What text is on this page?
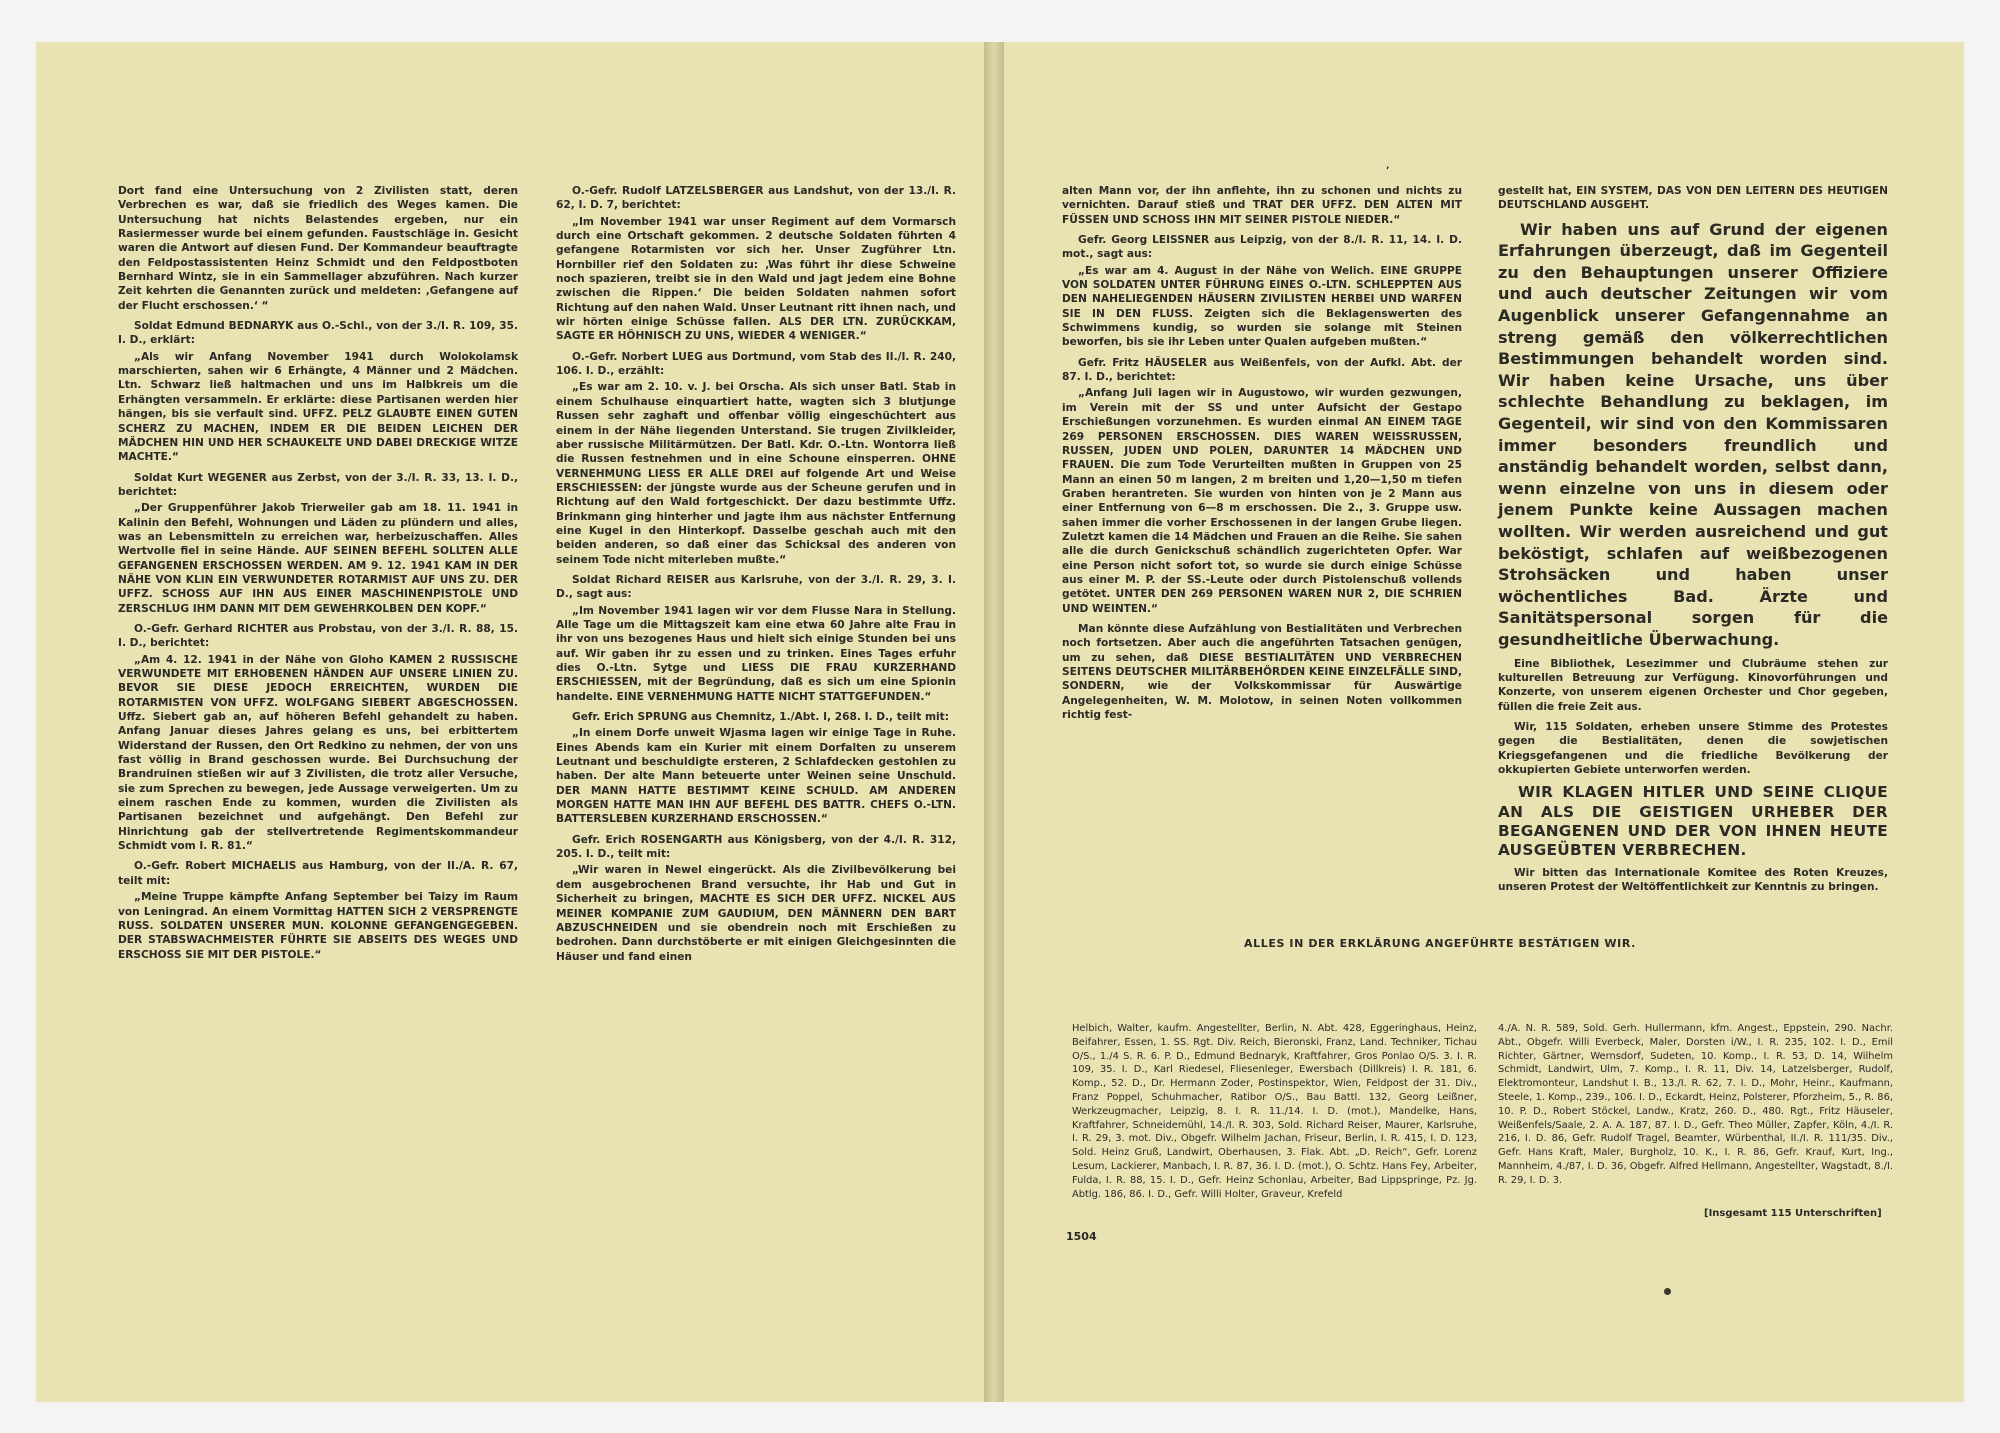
Dort fand eine Untersuchung von 2 Zivilisten statt, deren Verbrechen es war, daß sie friedlich des Weges kamen. Die Untersuchung hat nichts Belastendes ergeben, nur ein Rasiermesser wurde bei einem gefunden. Faustschläge in. Gesicht waren die Antwort auf diesen Fund. Der Kommandeur beauftragte den Feldpostassistenten Heinz Schmidt und den Feldpostboten Bernhard Wintz, sie in ein Sammellager abzuführen. Nach kurzer Zeit kehrten die Genannten zurück und meldeten: ‚Gefangene auf der Flucht erschossen.‘ “

Soldat Edmund BEDNARYK aus O.-Schl., von der 3./I. R. 109, 35. I. D., erklärt:

„Als wir Anfang November 1941 durch Wolokolamsk marschierten, sahen wir 6 Erhängte, 4 Männer und 2 Mädchen. Ltn. Schwarz ließ haltmachen und uns im Halbkreis um die Erhängten versammeln. Er erklärte: diese Partisanen werden hier hängen, bis sie verfault sind. UFFZ. PELZ GLAUBTE EINEN GUTEN SCHERZ ZU MACHEN, INDEM ER DIE BEIDEN LEICHEN DER MÄDCHEN HIN UND HER SCHAUKELTE UND DABEI DRECKIGE WITZE MACHTE.“

Soldat Kurt WEGENER aus Zerbst, von der 3./I. R. 33, 13. I. D., berichtet:

„Der Gruppenführer Jakob Trierweiler gab am 18. 11. 1941 in Kalinin den Befehl, Wohnungen und Läden zu plündern und alles, was an Lebensmitteln zu erreichen war, herbeizuschaffen. Alles Wertvolle fiel in seine Hände. AUF SEINEN BEFEHL SOLLTEN ALLE GEFANGENEN ERSCHOSSEN WERDEN. AM 9. 12. 1941 KAM IN DER NÄHE VON KLIN EIN VERWUNDETER ROTARMIST AUF UNS ZU. DER UFFZ. SCHOSS AUF IHN AUS EINER MASCHINENPISTOLE UND ZERSCHLUG IHM DANN MIT DEM GEWEHRKOLBEN DEN KOPF.“

O.-Gefr. Gerhard RICHTER aus Probstau, von der 3./I. R. 88, 15. I. D., berichtet:

„Am 4. 12. 1941 in der Nähe von Gloho KAMEN 2 RUSSISCHE VERWUNDETE MIT ERHOBENEN HÄNDEN AUF UNSERE LINIEN ZU. BEVOR SIE DIESE JEDOCH ERREICHTEN, WURDEN DIE ROTARMISTEN VON UFFZ. WOLFGANG SIEBERT ABGESCHOSSEN. Uffz. Siebert gab an, auf höheren Befehl gehandelt zu haben. Anfang Januar dieses Jahres gelang es uns, bei erbittertem Widerstand der Russen, den Ort Redkino zu nehmen, der von uns fast völlig in Brand geschossen wurde. Bei Durchsuchung der Brandruinen stießen wir auf 3 Zivilisten, die trotz aller Versuche, sie zum Sprechen zu bewegen, jede Aussage verweigerten. Um zu einem raschen Ende zu kommen, wurden die Zivilisten als Partisanen bezeichnet und aufgehängt. Den Befehl zur Hinrichtung gab der stellvertretende Regimentskommandeur Schmidt vom I. R. 81.“

O.-Gefr. Robert MICHAELIS aus Hamburg, von der II./A. R. 67, teilt mit:

„Meine Truppe kämpfte Anfang September bei Taizy im Raum von Leningrad. An einem Vormittag HATTEN SICH 2 VERSPRENGTE RUSS. SOLDATEN UNSERER MUN. KOLONNE GEFANGENGEGEBEN. DER STABSWACHMEISTER FÜHRTE SIE ABSEITS DES WEGES UND ERSCHOSS SIE MIT DER PISTOLE.“

O.-Gefr. Rudolf LATZELSBERGER aus Landshut, von der 13./I. R. 62, I. D. 7, berichtet:

„Im November 1941 war unser Regiment auf dem Vormarsch durch eine Ortschaft gekommen. 2 deutsche Soldaten führten 4 gefangene Rotarmisten vor sich her. Unser Zugführer Ltn. Hornbiller rief den Soldaten zu: ‚Was führt ihr diese Schweine noch spazieren, treibt sie in den Wald und jagt jedem eine Bohne zwischen die Rippen.‘ Die beiden Soldaten nahmen sofort Richtung auf den nahen Wald. Unser Leutnant ritt ihnen nach, und wir hörten einige Schüsse fallen. ALS DER LTN. ZURÜCKKAM, SAGTE ER HÖHNISCH ZU UNS, WIEDER 4 WENIGER.“

O.-Gefr. Norbert LUEG aus Dortmund, vom Stab des II./I. R. 240, 106. I. D., erzählt:

„Es war am 2. 10. v. J. bei Orscha. Als sich unser Batl. Stab in einem Schulhause einquartiert hatte, wagten sich 3 blutjunge Russen sehr zaghaft und offenbar völlig eingeschüchtert aus einem in der Nähe liegenden Unterstand. Sie trugen Zivilkleider, aber russische Militärmützen. Der Batl. Kdr. O.-Ltn. Wontorra ließ die Russen festnehmen und in eine Schoune einsperren. OHNE VERNEHMUNG LIESS ER ALLE DREI auf folgende Art und Weise ERSCHIESSEN: der jüngste wurde aus der Scheune gerufen und in Richtung auf den Wald fortgeschickt. Der dazu bestimmte Uffz. Brinkmann ging hinterher und jagte ihm aus nächster Entfernung eine Kugel in den Hinterkopf. Dasselbe geschah auch mit den beiden anderen, so daß einer das Schicksal des anderen von seinem Tode nicht miterleben mußte.“

Soldat Richard REISER aus Karlsruhe, von der 3./I. R. 29, 3. I. D., sagt aus:

„Im November 1941 lagen wir vor dem Flusse Nara in Stellung. Alle Tage um die Mittagszeit kam eine etwa 60 Jahre alte Frau in ihr von uns bezogenes Haus und hielt sich einige Stunden bei uns auf. Wir gaben ihr zu essen und zu trinken. Eines Tages erfuhr dies O.-Ltn. Sytge und LIESS DIE FRAU KURZERHAND ERSCHIESSEN, mit der Begründung, daß es sich um eine Spionin handelte. EINE VERNEHMUNG HATTE NICHT STATTGEFUNDEN.“

Gefr. Erich SPRUNG aus Chemnitz, 1./Abt. I, 268. I. D., teilt mit:

„In einem Dorfe unweit Wjasma lagen wir einige Tage in Ruhe. Eines Abends kam ein Kurier mit einem Dorfalten zu unserem Leutnant und beschuldigte ersteren, 2 Schlafdecken gestohlen zu haben. Der alte Mann beteuerte unter Weinen seine Unschuld. DER MANN HATTE BESTIMMT KEINE SCHULD. AM ANDEREN MORGEN HATTE MAN IHN AUF BEFEHL DES BATTR. CHEFS O.-LTN. BATTERSLEBEN KURZERHAND ERSCHOSSEN.“

Gefr. Erich ROSENGARTH aus Königsberg, von der 4./I. R. 312, 205. I. D., teilt mit:

„Wir waren in Newel eingerückt. Als die Zivilbevölkerung bei dem ausgebrochenen Brand versuchte, ihr Hab und Gut in Sicherheit zu bringen, MACHTE ES SICH DER UFFZ. NICKEL AUS MEINER KOMPANIE ZUM GAUDIUM, DEN MÄNNERN DEN BART ABZUSCHNEIDEN und sie obendrein noch mit Erschießen zu bedrohen. Dann durchstöberte er mit einigen Gleichgesinnten die Häuser und fand einen

’

alten Mann vor, der ihn anflehte, ihn zu schonen und nichts zu vernichten. Darauf stieß und TRAT DER UFFZ. DEN ALTEN MIT FÜSSEN UND SCHOSS IHN MIT SEINER PISTOLE NIEDER.“

Gefr. Georg LEISSNER aus Leipzig, von der 8./I. R. 11, 14. I. D. mot., sagt aus:

„Es war am 4. August in der Nähe von Welich. EINE GRUPPE VON SOLDATEN UNTER FÜHRUNG EINES O.-LTN. SCHLEPPTEN AUS DEN NAHELIEGENDEN HÄUSERN ZIVILISTEN HERBEI UND WARFEN SIE IN DEN FLUSS. Zeigten sich die Beklagenswerten des Schwimmens kundig, so wurden sie solange mit Steinen beworfen, bis sie ihr Leben unter Qualen aufgeben mußten.“

Gefr. Fritz HÄUSELER aus Weißenfels, von der Aufkl. Abt. der 87. I. D., berichtet:

„Anfang Juli lagen wir in Augustowo, wir wurden gezwungen, im Verein mit der SS und unter Aufsicht der Gestapo Erschießungen vorzunehmen. Es wurden einmal AN EINEM TAGE 269 PERSONEN ERSCHOSSEN. DIES WAREN WEISSRUSSEN, RUSSEN, JUDEN UND POLEN, DARUNTER 14 MÄDCHEN UND FRAUEN. Die zum Tode Verurteilten mußten in Gruppen von 25 Mann an einen 50 m langen, 2 m breiten und 1,20—1,50 m tiefen Graben herantreten. Sie wurden von hinten von je 2 Mann aus einer Entfernung von 6—8 m erschossen. Die 2., 3. Gruppe usw. sahen immer die vorher Erschossenen in der langen Grube liegen. Zuletzt kamen die 14 Mädchen und Frauen an die Reihe. Sie sahen alle die durch Genickschuß schändlich zugerichteten Opfer. War eine Person nicht sofort tot, so wurde sie durch einige Schüsse aus einer M. P. der SS.-Leute oder durch Pistolenschuß vollends getötet. UNTER DEN 269 PERSONEN WAREN NUR 2, DIE SCHRIEN UND WEINTEN.“

Man könnte diese Aufzählung von Bestialitäten und Verbrechen noch fortsetzen. Aber auch die angeführten Tatsachen genügen, um zu sehen, daß DIESE BESTIALITÄTEN UND VERBRECHEN SEITENS DEUTSCHER MILITÄRBEHÖRDEN KEINE EINZELFÄLLE SIND, SONDERN, wie der Volkskommissar für Auswärtige Angelegenheiten, W. M. Molotow, in seinen Noten vollkommen richtig fest-

gestellt hat, EIN SYSTEM, DAS VON DEN LEITERN DES HEUTIGEN DEUTSCHLAND AUSGEHT.

Wir haben uns auf Grund der eigenen Erfahrungen überzeugt, daß im Gegenteil zu den Behauptungen unserer Offiziere und auch deutscher Zeitungen wir vom Augenblick unserer Gefangennahme an streng gemäß den völkerrechtlichen Bestimmungen behandelt worden sind. Wir haben keine Ursache, uns über schlechte Behandlung zu beklagen, im Gegenteil, wir sind von den Kommissaren immer besonders freundlich und anständig behandelt worden, selbst dann, wenn einzelne von uns in diesem oder jenem Punkte keine Aussagen machen wollten. Wir werden ausreichend und gut beköstigt, schlafen auf weißbezogenen Strohsäcken und haben unser wöchentliches Bad. Ärzte und Sanitätspersonal sorgen für die gesundheitliche Überwachung.

Eine Bibliothek, Lesezimmer und Clubräume stehen zur kulturellen Betreuung zur Verfügung. Kinovorführungen und Konzerte, von unserem eigenen Orchester und Chor gegeben, füllen die freie Zeit aus.

Wir, 115 Soldaten, erheben unsere Stimme des Protestes gegen die Bestialitäten, denen die sowjetischen Kriegsgefangenen und die friedliche Bevölkerung der okkupierten Gebiete unterworfen werden.

WIR KLAGEN HITLER UND SEINE CLIQUE AN ALS DIE GEISTIGEN URHEBER DER BEGANGENEN UND DER VON IHNEN HEUTE AUSGEÜBTEN VERBRECHEN.

Wir bitten das Internationale Komitee des Roten Kreuzes, unseren Protest der Weltöffentlichkeit zur Kenntnis zu bringen.

ALLES IN DER ERKLÄRUNG ANGEFÜHRTE BESTÄTIGEN WIR.
Helbich, Walter, kaufm. Angestellter, Berlin, N. Abt. 428, Eggeringhaus, Heinz, Beifahrer, Essen, 1. SS. Rgt. Div. Reich, Bieronski, Franz, Land. Techniker, Tichau O/S., 1./4 S. R. 6. P. D., Edmund Bednaryk, Kraftfahrer, Gros Ponlao O/S. 3. I. R. 109, 35. I. D., Karl Riedesel, Fliesenleger, Ewersbach (Dillkreis) I. R. 181, 6. Komp., 52. D., Dr. Hermann Zoder, Postinspektor, Wien, Feldpost der 31. Div., Franz Poppel, Schuhmacher, Ratibor O/S., Bau Battl. 132, Georg Leißner, Werkzeugmacher, Leipzig, 8. I. R. 11./14. I. D. (mot.), Mandelke, Hans, Kraftfahrer, Schneidemühl, 14./I. R. 303, Sold. Richard Reiser, Maurer, Karlsruhe, I. R. 29, 3. mot. Div., Obgefr. Wilhelm Jachan, Friseur, Berlin, I. R. 415, I. D. 123, Sold. Heinz Gruß, Landwirt, Oberhausen, 3. Flak. Abt. „D. Reich“, Gefr. Lorenz Lesum, Lackierer, Manbach, I. R. 87, 36. I. D. (mot.), O. Schtz. Hans Fey, Arbeiter, Fulda, I. R. 88, 15. I. D., Gefr. Heinz Schonlau, Arbeiter, Bad Lippspringe, Pz. Jg. Abtlg. 186, 86. I. D., Gefr. Willi Holter, Graveur, Krefeld
4./A. N. R. 589, Sold. Gerh. Hullermann, kfm. Angest., Eppstein, 290. Nachr. Abt., Obgefr. Willi Everbeck, Maler, Dorsten i/W., I. R. 235, 102. I. D., Emil Richter, Gärtner, Wernsdorf, Sudeten, 10. Komp., I. R. 53, D. 14, Wilhelm Schmidt, Landwirt, Ulm, 7. Komp., I. R. 11, Div. 14, Latzelsberger, Rudolf, Elektromonteur, Landshut I. B., 13./I. R. 62, 7. I. D., Mohr, Heinr., Kaufmann, Steele, 1. Komp., 239., 106. I. D., Eckardt, Heinz, Polsterer, Pforzheim, 5., R. 86, 10. P. D., Robert Stöckel, Landw., Kratz, 260. D., 480. Rgt., Fritz Häuseler, Weißenfels/Saale, 2. A. A. 187, 87. I. D., Gefr. Theo Müller, Zapfer, Köln, 4./I. R. 216, I. D. 86, Gefr. Rudolf Tragel, Beamter, Würbenthal, II./I. R. 111/35. Div., Gefr. Hans Kraft, Maler, Burgholz, 10. K., I. R. 86, Gefr. Krauf, Kurt, Ing., Mannheim, 4./87, I. D. 36, Obgefr. Alfred Hellmann, Angestellter, Wagstadt, 8./I. R. 29, I. D. 3.
[Insgesamt 115 Unterschriften]
1504
